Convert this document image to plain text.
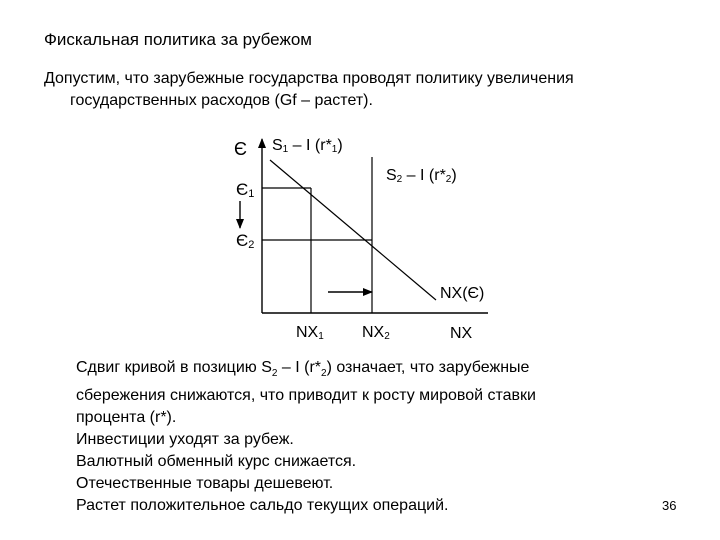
Фискальная политика за рубежом
Допустим, что зарубежные государства проводят политику увеличения
государственных расходов (Gf – растет).
Є
Є1
Є2
S1 – I (r*1)
S2 – I (r*2)
NX(Є)
NX1 NX2	NX
Сдвиг кривой в позицию $S_2$ – I $(r*_2)$ означает, что зарубежные
сбережения снижаются, что приводит к росту мировой ставки
процента (r*).
Инвестиции уходят за рубеж.
Валютный обменный курс снижается.
Отечественные товары дешевеют.
Растет положительное сальдо текущих операций.	36
